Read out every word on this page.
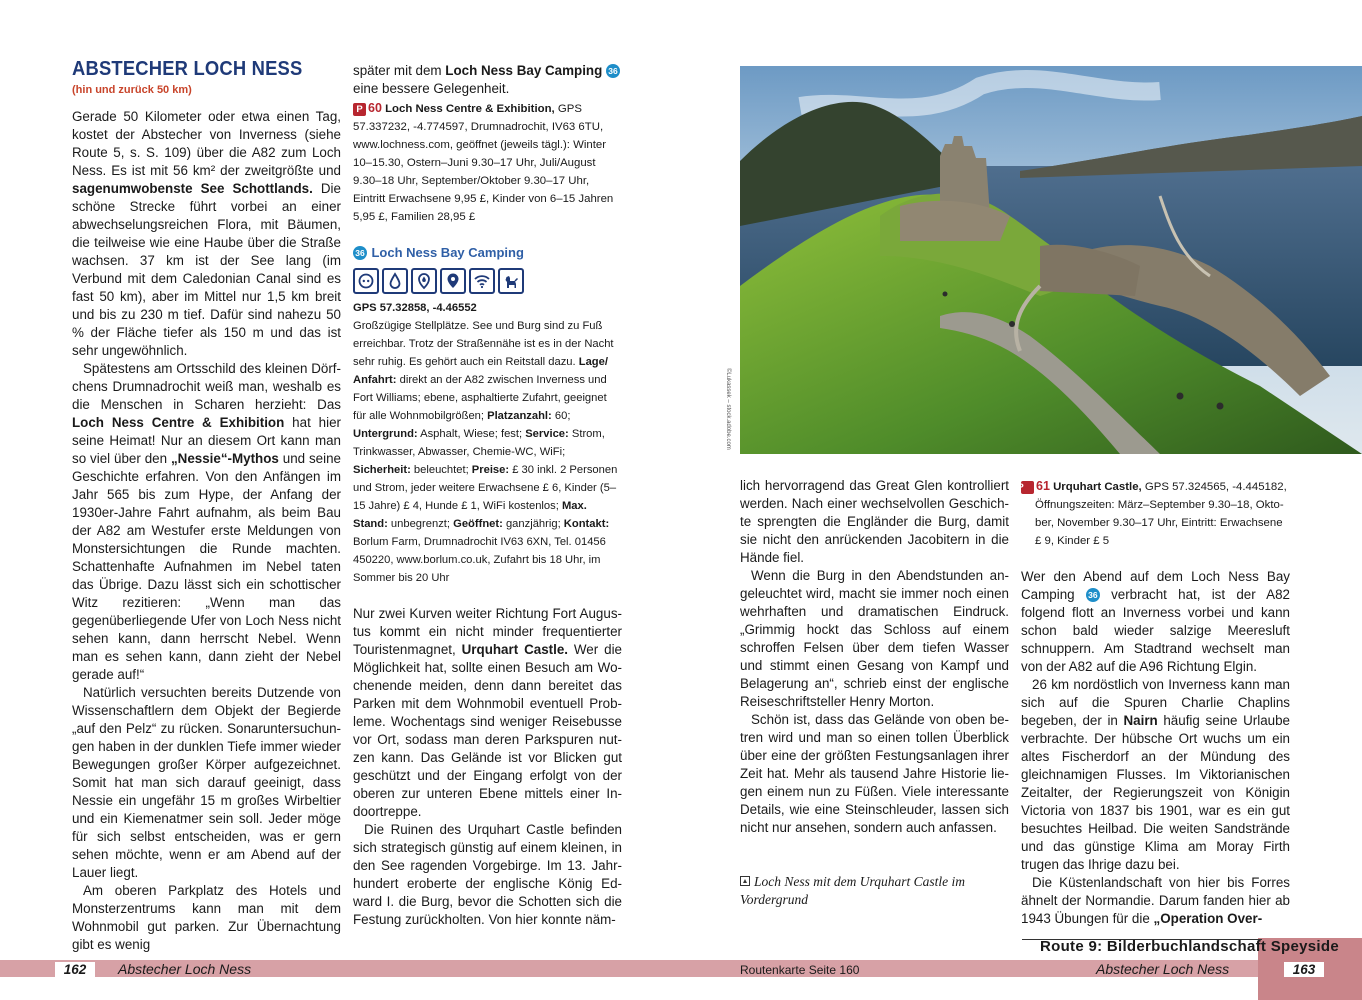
ABSTECHER LOCH NESS
(hin und zurück 50 km)

Gerade 50 Kilometer oder etwa einen Tag, kostet der Abstecher von Inverness (siehe Route 5, s. S. 109) über die A82 zum Loch Ness. Es ist mit 56 km² der zweitgrößte und sagenumwobenste See Schottlands. Die schöne Strecke führt vorbei an einer abwechselungsreichen Flora, mit Bäumen, die teilweise wie eine Haube über die Straße wachsen. 37 km ist der See lang (im Verbund mit dem Caledonian Canal sind es fast 50 km), aber im Mittel nur 1,5 km breit und bis zu 230 m tief. Dafür sind nahezu 50 % der Fläche tiefer als 150 m und das ist sehr ungewöhnlich.

Spätestens am Ortsschild des kleinen Dörfchens Drumnadrochit weiß man, weshalb es die Menschen in Scharen herzieht: Das Loch Ness Centre & Exhibition hat hier seine Heimat! Nur an diesem Ort kann man so viel über den „Nessie“-Mythos und seine Geschichte erfahren. Von den Anfängen im Jahr 565 bis zum Hype, der Anfang der 1930er-Jahre Fahrt aufnahm, als beim Bau der A82 am Westufer erste Meldungen von Monstersichtungen die Runde machten. Schattenhafte Aufnahmen im Nebel taten das Übrige. Dazu lässt sich ein schottischer Witz rezitieren: „Wenn man das gegenüberliegende Ufer von Loch Ness nicht sehen kann, dann herrscht Nebel. Wenn man es sehen kann, dann zieht der Nebel gerade auf!“

Natürlich versuchten bereits Dutzende von Wissenschaftlern dem Objekt der Begierde „auf den Pelz“ zu rücken. Sonaruntersuchungen haben in der dunklen Tiefe immer wieder Bewegungen großer Körper aufgezeichnet. Somit hat man sich darauf geeinigt, dass Nessie ein ungefähr 15 m großes Wirbeltier und ein Kiemenatmer sein soll. Jeder möge für sich selbst entscheiden, was er gern sehen möchte, wenn er am Abend auf der Lauer liegt.

Am oberen Parkplatz des Hotels und Monsterzentrums kann man mit dem Wohnmobil gut parken. Zur Übernachtung gibt es wenig

später mit dem Loch Ness Bay Camping 36
eine bessere Gelegenheit.

P 60 Loch Ness Centre & Exhibition, GPS 57.337232, -4.774597, Drumnadrochit, IV63 6TU, www.lochness.com, geöffnet (jeweils tägl.): Winter 10–15.30, Ostern–Juni 9.30–17 Uhr, Juli/August 9.30–18 Uhr, September/Oktober 9.30–17 Uhr, Eintritt Erwachsene 9,95 £, Kinder von 6–15 Jahren 5,95 £, Familien 28,95 £
36 Loch Ness Bay Camping
GPS 57.32858, -4.46552
Großzügige Stellplätze. See und Burg sind zu Fuß erreichbar. Trotz der Straßennähe ist es in der Nacht sehr ruhig. Es gehört auch ein Reitstall dazu. Lage/ Anfahrt: direkt an der A82 zwischen Inverness und Fort Williams; ebene, asphaltierte Zufahrt, geeignet für alle Wohnmobilgrößen; Platzanzahl: 60; Untergrund: Asphalt, Wiese; fest; Service: Strom, Trinkwasser, Abwasser, Chemie-WC, WiFi; Sicherheit: beleuchtet; Preise: £ 30 inkl. 2 Personen und Strom, jeder weitere Erwachsene £ 6, Kinder (5–15 Jahre) £ 4, Hunde £ 1, WiFi kostenlos; Max. Stand: unbegrenzt; Geöffnet: ganzjährig; Kontakt: Borlum Farm, Drumnadrochit IV63 6XN, Tel. 01456 450220, www.borlum.co.uk, Zufahrt bis 18 Uhr, im Sommer bis 20 Uhr

Nur zwei Kurven weiter Richtung Fort Augustus kommt ein nicht minder frequentierter Touristenmagnet, Urquhart Castle. Wer die Möglichkeit hat, sollte einen Besuch am Wochenende meiden, denn dann bereitet das Parken mit dem Wohnmobil eventuell Probleme. Wochentags sind weniger Reisebusse vor Ort, sodass man deren Parkspuren nutzen kann. Das Gelände ist vor Blicken gut geschützt und der Eingang erfolgt von der oberen zur unteren Ebene mittels einer Indoortreppe.

Die Ruinen des Urquhart Castle befinden sich strategisch günstig auf einem kleinen, in den See ragenden Vorgebirge. Im 13. Jahrhundert eroberte der englische König Edward I. die Burg, bevor die Schotten sich die Festung zurückholten. Von hier konnte näm-

©Lukassek – stock.adobe.com

lich hervorragend das Great Glen kontrolliert werden. Nach einer wechselvollen Geschichte sprengten die Engländer die Burg, damit sie nicht den anrückenden Jacobitern in die Hände fiel.

Wenn die Burg in den Abendstunden angeleuchtet wird, macht sie immer noch einen wehrhaften und dramatischen Eindruck. „Grimmig hockt das Schloss auf einem schroffen Felsen über dem tiefen Wasser und stimmt einen Gesang von Kampf und Belagerung an“, schrieb einst der englische Reiseschriftsteller Henry Morton.

Schön ist, dass das Gelände von oben betren wird und man so einen tollen Überblick über eine der größten Festungsanlagen ihrer Zeit hat. Mehr als tausend Jahre Historie liegen einem nun zu Füßen. Viele interessante Details, wie eine Steinschleuder, lassen sich nicht nur ansehen, sondern auch anfassen.

Loch Ness mit dem Urquhart Castle im Vordergrund
P 61 Urquhart Castle, GPS 57.324565, -4.445182, Öffnungszeiten: März–September 9.30–18, Oktober, November 9.30–17 Uhr, Eintritt: Erwachsene £ 9, Kinder £ 5

Wer den Abend auf dem Loch Ness Bay Camping 36 verbracht hat, ist der A82 folgend flott an Inverness vorbei und kann schon bald wieder salzige Meeresluft schnuppern. Am Stadtrand wechselt man von der A82 auf die A96 Richtung Elgin.

26 km nordöstlich von Inverness kann man sich auf die Spuren Charlie Chaplins begeben, der in Nairn häufig seine Urlaube verbrachte. Der hübsche Ort wuchs um ein altes Fischerdorf an der Mündung des gleichnamigen Flusses. Im Viktorianischen Zeitalter, der Regierungszeit von Königin Victoria von 1837 bis 1901, war es ein gut besuchtes Heilbad. Die weiten Sandstrände und das günstige Klima am Moray Firth trugen das Ihrige dazu bei.

Die Küstenlandschaft von hier bis Forres ähnelt der Normandie. Darum fanden hier ab 1943 Übungen für die „Operation Over-

Route 9: Bilderbuchlandschaft Speyside
162	Abstecher Loch Ness	Routenkarte Seite 160	Abstecher Loch Ness	163
